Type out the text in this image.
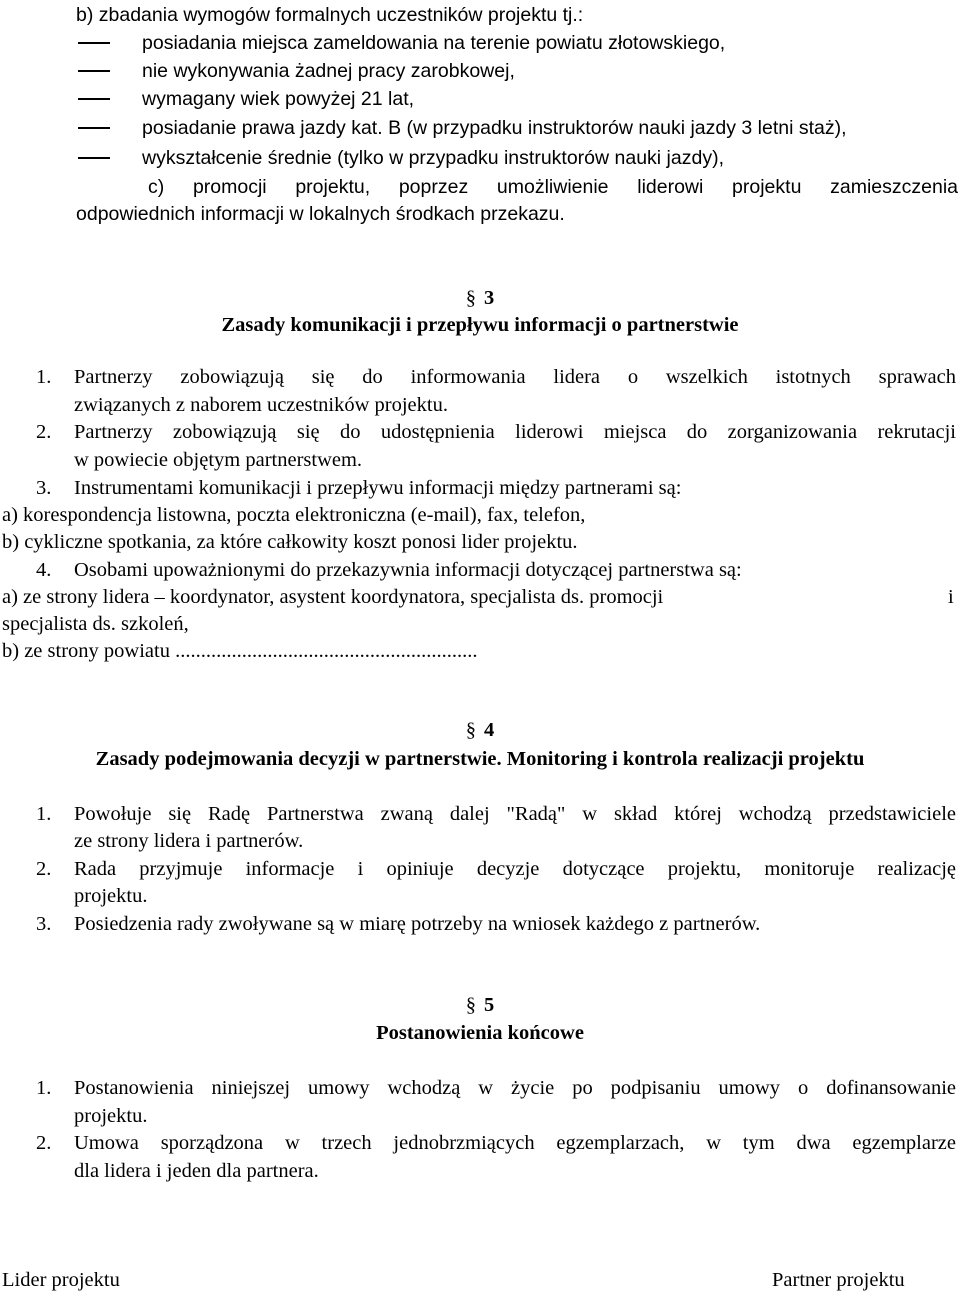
b) zbadania wymogów formalnych uczestników projektu tj.:
posiadania miejsca zameldowania na terenie powiatu złotowskiego,
nie wykonywania żadnej pracy zarobkowej,
wymagany wiek powyżej 21 lat,
posiadanie prawa jazdy kat. B (w przypadku instruktorów nauki jazdy 3 letni staż),
wykształcenie średnie (tylko w przypadku instruktorów nauki jazdy),
c) promocji projektu, poprzez umożliwienie liderowi projektu zamieszczenia
odpowiednich informacji w lokalnych środkach przekazu.
§ 3
Zasady komunikacji i przepływu informacji o partnerstwie
1. Partnerzy zobowiązują się do informowania lidera o wszelkich istotnych sprawach
związanych z naborem uczestników projektu.
2. Partnerzy zobowiązują się do udostępnienia liderowi miejsca do zorganizowania rekrutacji
w powiecie objętym partnerstwem.
3. Instrumentami komunikacji i przepływu informacji między partnerami są:
a) korespondencja listowna, poczta elektroniczna (e-mail), fax, telefon,
b) cykliczne spotkania, za które całkowity koszt ponosi lider projektu.
4. Osobami upoważnionymi do przekazywnia informacji dotyczącej partnerstwa są:
a) ze strony lidera – koordynator, asystent koordynatora, specjalista ds. promocji	i
specjalista ds. szkoleń,
b) ze strony powiatu ...........................................................
§ 4
Zasady podejmowania decyzji w partnerstwie. Monitoring i kontrola realizacji projektu
1. Powołuje się Radę Partnerstwa zwaną dalej "Radą" w skład której wchodzą przedstawiciele
ze strony lidera i partnerów.
2. Rada przyjmuje informacje i opiniuje decyzje dotyczące projektu, monitoruje realizację
projektu.
3. Posiedzenia rady zwoływane są w miarę potrzeby na wniosek każdego z partnerów.
§ 5
Postanowienia końcowe
1. Postanowienia niniejszej umowy wchodzą w życie po podpisaniu umowy o dofinansowanie
projektu.
2. Umowa sporządzona w trzech jednobrzmiących egzemplarzach, w tym dwa egzemplarze
dla lidera i jeden dla partnera.
Lider projektu	Partner projektu
